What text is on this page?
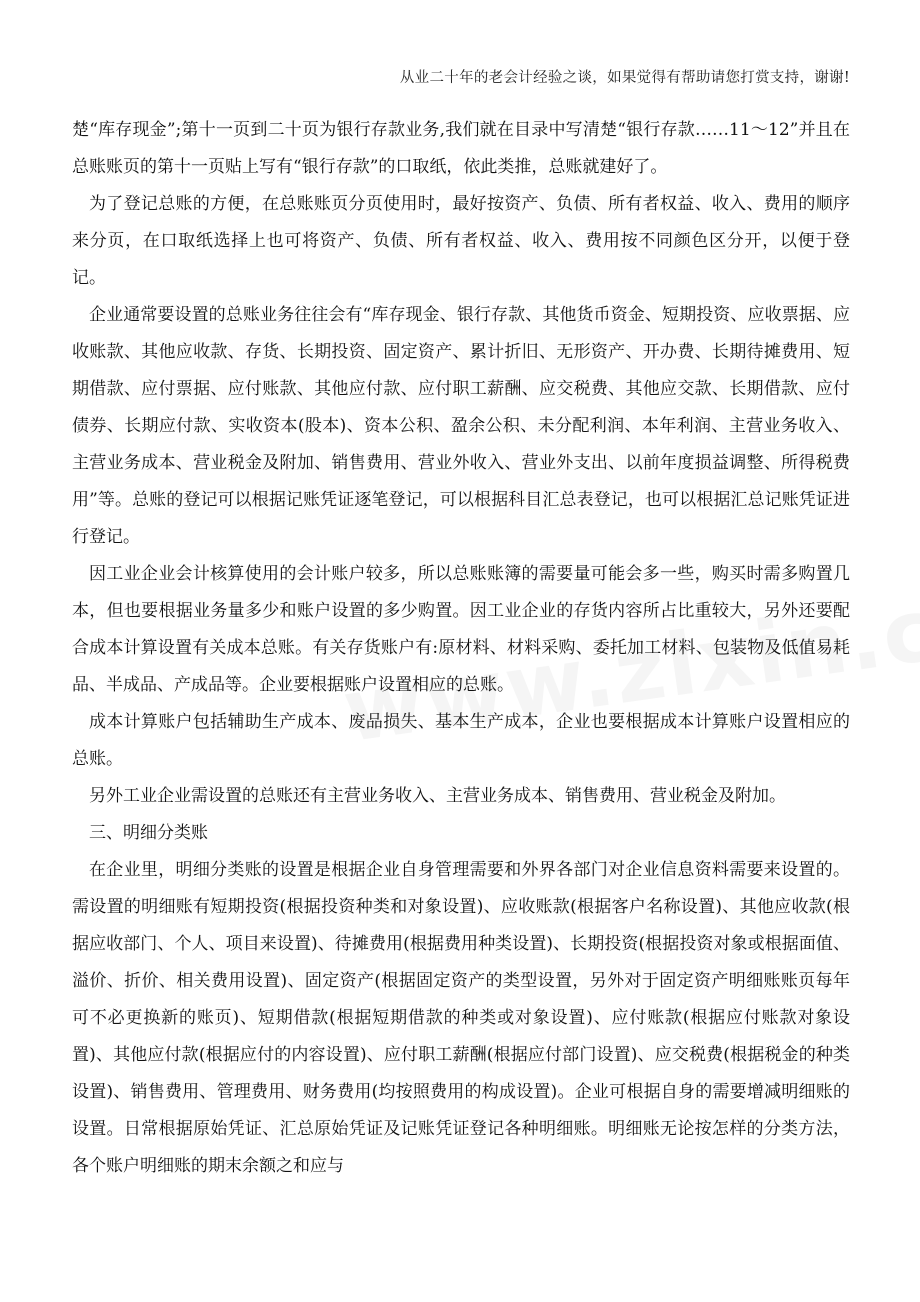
从业二十年的老会计经验之谈，如果觉得有帮助请您打赏支持，谢谢!

楚“库存现金”;第十一页到二十页为银行存款业务,我们就在目录中写清楚“银行存款……11～12”并且在总账账页的第十一页贴上写有“银行存款”的口取纸，依此类推，总账就建好了。

为了登记总账的方便，在总账账页分页使用时，最好按资产、负债、所有者权益、收入、费用的顺序来分页，在口取纸选择上也可将资产、负债、所有者权益、收入、费用按不同颜色区分开，以便于登记。

企业通常要设置的总账业务往往会有“库存现金、银行存款、其他货币资金、短期投资、应收票据、应收账款、其他应收款、存货、长期投资、固定资产、累计折旧、无形资产、开办费、长期待摊费用、短期借款、应付票据、应付账款、其他应付款、应付职工薪酬、应交税费、其他应交款、长期借款、应付债券、长期应付款、实收资本(股本)、资本公积、盈余公积、未分配利润、本年利润、主营业务收入、主营业务成本、营业税金及附加、销售费用、营业外收入、营业外支出、以前年度损益调整、所得税费用”等。总账的登记可以根据记账凭证逐笔登记，可以根据科目汇总表登记，也可以根据汇总记账凭证进行登记。

因工业企业会计核算使用的会计账户较多，所以总账账簿的需要量可能会多一些，购买时需多购置几本，但也要根据业务量多少和账户设置的多少购置。因工业企业的存货内容所占比重较大，另外还要配合成本计算设置有关成本总账。有关存货账户有:原材料、材料采购、委托加工材料、包装物及低值易耗品、半成品、产成品等。企业要根据账户设置相应的总账。

成本计算账户包括辅助生产成本、废品损失、基本生产成本，企业也要根据成本计算账户设置相应的总账。

另外工业企业需设置的总账还有主营业务收入、主营业务成本、销售费用、营业税金及附加。

三、明细分类账

在企业里，明细分类账的设置是根据企业自身管理需要和外界各部门对企业信息资料需要来设置的。需设置的明细账有短期投资(根据投资种类和对象设置)、应收账款(根据客户名称设置)、其他应收款(根据应收部门、个人、项目来设置)、待摊费用(根据费用种类设置)、长期投资(根据投资对象或根据面值、溢价、折价、相关费用设置)、固定资产(根据固定资产的类型设置，另外对于固定资产明细账账页每年可不必更换新的账页)、短期借款(根据短期借款的种类或对象设置)、应付账款(根据应付账款对象设置)、其他应付款(根据应付的内容设置)、应付职工薪酬(根据应付部门设置)、应交税费(根据税金的种类设置)、销售费用、管理费用、财务费用(均按照费用的构成设置)。企业可根据自身的需要增减明细账的设置。日常根据原始凭证、汇总原始凭证及记账凭证登记各种明细账。明细账无论按怎样的分类方法，各个账户明细账的期末余额之和应与
